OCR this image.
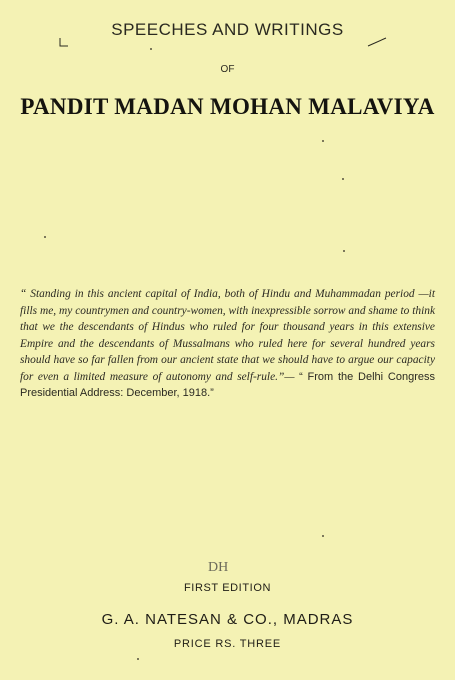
SPEECHES AND WRITINGS
OF
PANDIT MADAN MOHAN MALAVIYA
“ Standing in this ancient capital of India, both of Hindu and Muhammadan period —it fills me, my countrymen and country-women, with inexpressible sorrow and shame to think that we the descendants of Hindus who ruled for four thousand years in this extensive Empire and the descendants of Mussalmans who ruled here for several hundred years should have so far fallen from our ancient state that we should have to argue our capacity for even a limited measure of autonomy and self-rule.”— “ From the Delhi Congress Presidential Address: December, 1918.”
DH
FIRST EDITION
G. A. NATESAN & CO., MADRAS
PRICE RS. THREE
